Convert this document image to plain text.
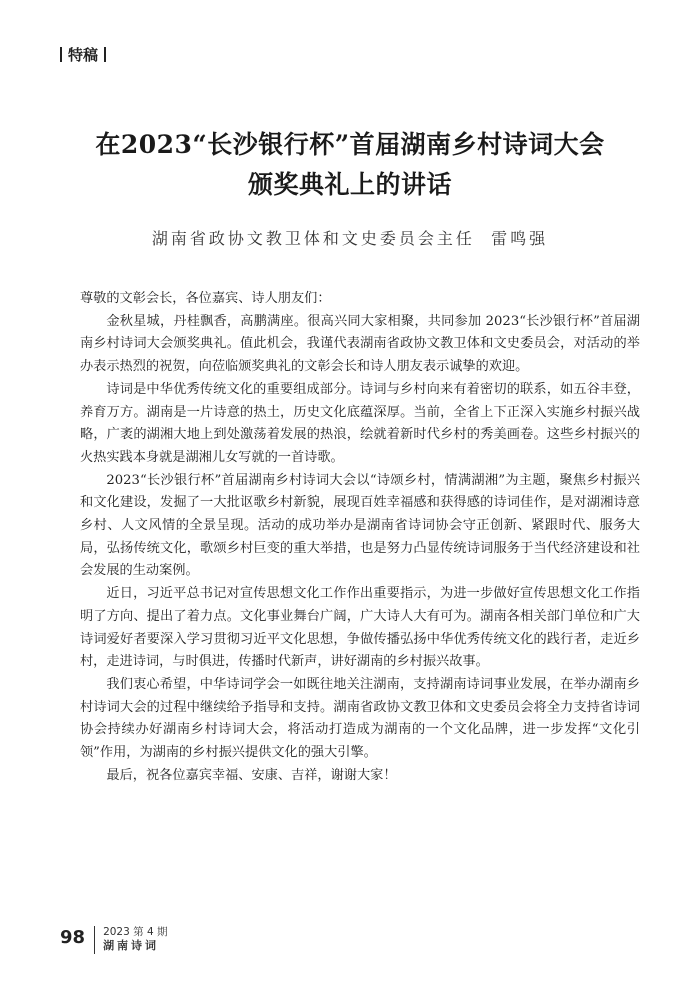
特稿
在2023“长沙银行杯”首届湖南乡村诗词大会
颁奖典礼上的讲话
湖南省政协文教卫体和文史委员会主任  雷鸣强

尊敬的文彰会长，各位嘉宾、诗人朋友们：

金秋星城，丹桂飘香，高鹏满座。很高兴同大家相聚，共同参加 2023“长沙银行杯”首届湖南乡村诗词大会颁奖典礼。值此机会，我谨代表湖南省政协文教卫体和文史委员会，对活动的举办表示热烈的祝贺，向莅临颁奖典礼的文彰会长和诗人朋友表示诚挚的欢迎。

诗词是中华优秀传统文化的重要组成部分。诗词与乡村向来有着密切的联系，如五谷丰登，养育万方。湖南是一片诗意的热土，历史文化底蕴深厚。当前，全省上下正深入实施乡村振兴战略，广袤的湖湘大地上到处激荡着发展的热浪，绘就着新时代乡村的秀美画卷。这些乡村振兴的火热实践本身就是湖湘儿女写就的一首诗歌。

2023“长沙银行杯”首届湖南乡村诗词大会以“诗颂乡村，情满湖湘”为主题，聚焦乡村振兴和文化建设，发掘了一大批讴歌乡村新貌，展现百姓幸福感和获得感的诗词佳作，是对湖湘诗意乡村、人文风情的全景呈现。活动的成功举办是湖南省诗词协会守正创新、紧跟时代、服务大局，弘扬传统文化，歌颂乡村巨变的重大举措，也是努力凸显传统诗词服务于当代经济建设和社会发展的生动案例。

近日，习近平总书记对宣传思想文化工作作出重要指示，为进一步做好宣传思想文化工作指明了方向、提出了着力点。文化事业舞台广阔，广大诗人大有可为。湖南各相关部门单位和广大诗词爱好者要深入学习贯彻习近平文化思想，争做传播弘扬中华优秀传统文化的践行者，走近乡村，走进诗词，与时俱进，传播时代新声，讲好湖南的乡村振兴故事。

我们衷心希望，中华诗词学会一如既往地关注湖南，支持湖南诗词事业发展，在举办湖南乡村诗词大会的过程中继续给予指导和支持。湖南省政协文教卫体和文史委员会将全力支持省诗词协会持续办好湖南乡村诗词大会，将活动打造成为湖南的一个文化品牌，进一步发挥“文化引领”作用，为湖南的乡村振兴提供文化的强大引擎。

最后，祝各位嘉宾幸福、安康、吉祥，谢谢大家！

98 2023 第 4 期
湖南诗词
